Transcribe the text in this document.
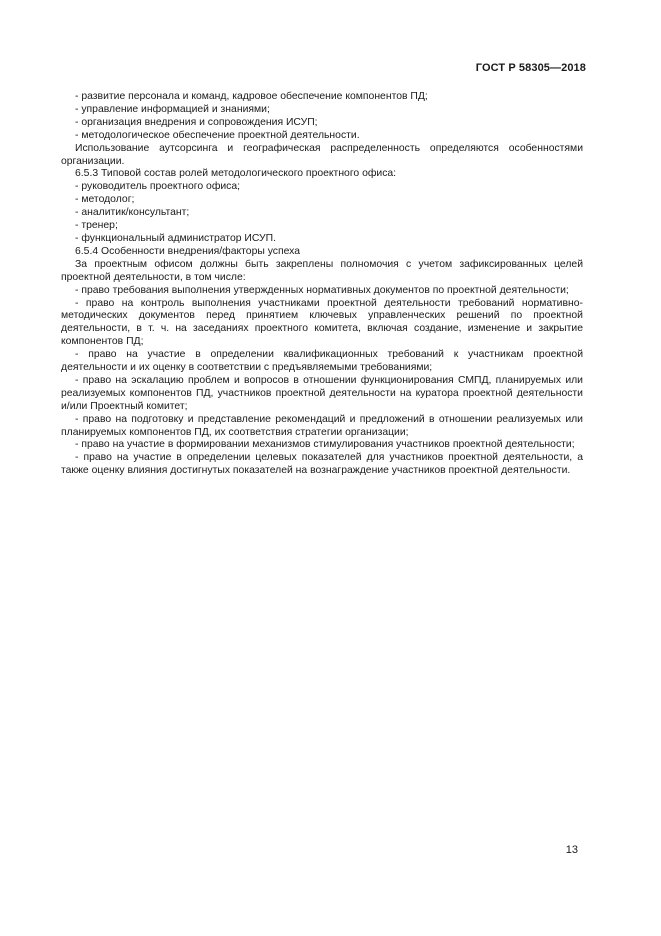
ГОСТ Р 58305—2018

- развитие персонала и команд, кадровое обеспечение компонентов ПД;

- управление информацией и знаниями;

- организация внедрения и сопровождения ИСУП;

- методологическое обеспечение проектной деятельности.

Использование аутсорсинга и географическая распределенность определяются особенностями организации.

6.5.3 Типовой состав ролей методологического проектного офиса:

- руководитель проектного офиса;

- методолог;

- аналитик/консультант;

- тренер;

- функциональный администратор ИСУП.

6.5.4 Особенности внедрения/факторы успеха

За проектным офисом должны быть закреплены полномочия с учетом зафиксированных целей проектной деятельности, в том числе:

- право требования выполнения утвержденных нормативных документов по проектной деятельности;

- право на контроль выполнения участниками проектной деятельности требований нормативно-методических документов перед принятием ключевых управленческих решений по проектной деятельности, в т. ч. на заседаниях проектного комитета, включая создание, изменение и закрытие компонентов ПД;

- право на участие в определении квалификационных требований к участникам проектной деятельности и их оценку в соответствии с предъявляемыми требованиями;

- право на эскалацию проблем и вопросов в отношении функционирования СМПД, планируемых или реализуемых компонентов ПД, участников проектной деятельности на куратора проектной деятельности и/или Проектный комитет;

- право на подготовку и представление рекомендаций и предложений в отношении реализуемых или планируемых компонентов ПД, их соответствия стратегии организации;

- право на участие в формировании механизмов стимулирования участников проектной деятельности;

- право на участие в определении целевых показателей для участников проектной деятельности, а также оценку влияния достигнутых показателей на вознаграждение участников проектной деятельности.

13
